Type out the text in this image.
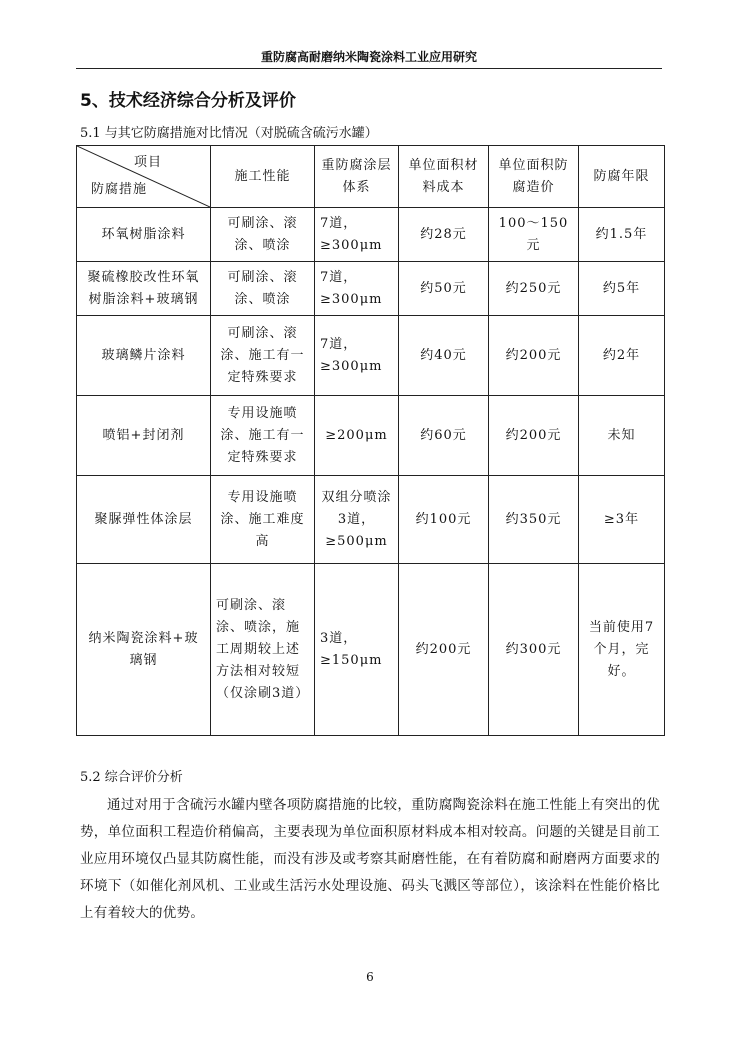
重防腐高耐磨纳米陶瓷涂料工业应用研究
5、技术经济综合分析及评价
5.1 与其它防腐措施对比情况（对脱硫含硫污水罐）
项目
防腐措施	施工性能	重防腐涂层体系	单位面积材料成本	单位面积防腐造价	防腐年限
环氧树脂涂料	可刷涂、滚涂、喷涂	7道，≥300μm	约28元	100～150元	约1.5年
聚硫橡胶改性环氧树脂涂料+玻璃钢	可刷涂、滚涂、喷涂	7道，≥300μm	约50元	约250元	约5年
玻璃鳞片涂料	可刷涂、滚涂、施工有一定特殊要求	7道，≥300μm	约40元	约200元	约2年
喷铝+封闭剂	专用设施喷涂、施工有一定特殊要求	≥200μm	约60元	约200元	未知
聚脲弹性体涂层	专用设施喷涂、施工难度高	双组分喷涂3道，≥500μm	约100元	约350元	≥3年
纳米陶瓷涂料+玻璃钢	可刷涂、滚涂、喷涂，施工周期较上述方法相对较短（仅涂刷3道）	3道，≥150μm	约200元	约300元	当前使用7个月，完好。
5.2 综合评价分析
通过对用于含硫污水罐内壁各项防腐措施的比较，重防腐陶瓷涂料在施工性能上有突出的优势，单位面积工程造价稍偏高，主要表现为单位面积原材料成本相对较高。问题的关键是目前工业应用环境仅凸显其防腐性能，而没有涉及或考察其耐磨性能，在有着防腐和耐磨两方面要求的环境下（如催化剂风机、工业或生活污水处理设施、码头飞溅区等部位），该涂料在性能价格比上有着较大的优势。
6
